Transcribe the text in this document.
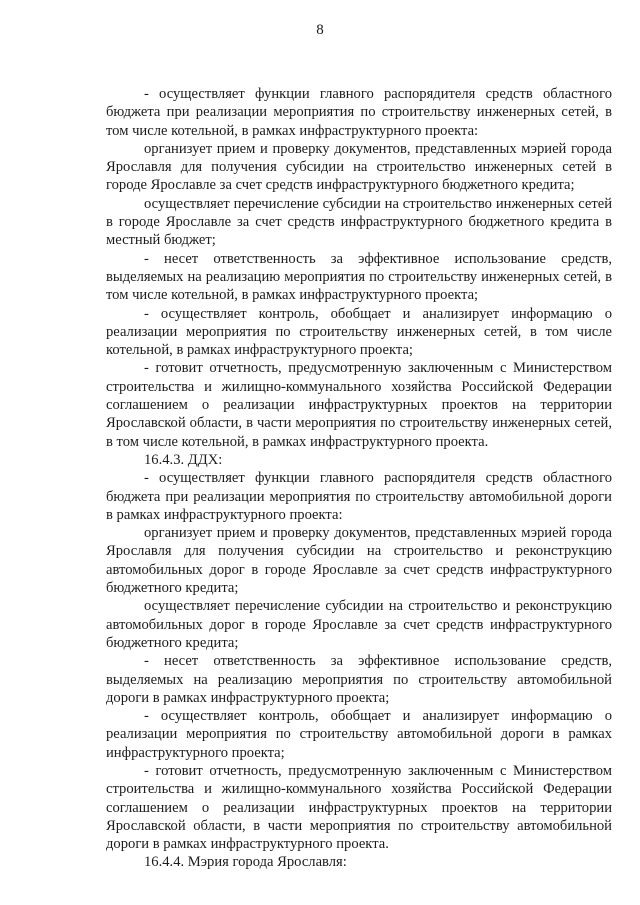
8

- осуществляет функции главного распорядителя средств областного бюджета при реализации мероприятия по строительству инженерных сетей, в том числе котельной, в рамках инфраструктурного проекта:

организует прием и проверку документов, представленных мэрией города Ярославля для получения субсидии на строительство инженерных сетей в городе Ярославле за счет средств инфраструктурного бюджетного кредита;

осуществляет перечисление субсидии на строительство инженерных сетей в городе Ярославле за счет средств инфраструктурного бюджетного кредита в местный бюджет;

- несет ответственность за эффективное использование средств, выделяемых на реализацию мероприятия по строительству инженерных сетей, в том числе котельной, в рамках инфраструктурного проекта;

- осуществляет контроль, обобщает и анализирует информацию о реализации мероприятия по строительству инженерных сетей, в том числе котельной, в рамках инфраструктурного проекта;

- готовит отчетность, предусмотренную заключенным с Министерством строительства и жилищно-коммунального хозяйства Российской Федерации соглашением о реализации инфраструктурных проектов на территории Ярославской области, в части мероприятия по строительству инженерных сетей, в том числе котельной, в рамках инфраструктурного проекта.

16.4.3. ДДХ:

- осуществляет функции главного распорядителя средств областного бюджета при реализации мероприятия по строительству автомобильной дороги в рамках инфраструктурного проекта:

организует прием и проверку документов, представленных мэрией города Ярославля для получения субсидии на строительство и реконструкцию автомобильных дорог в городе Ярославле за счет средств инфраструктурного бюджетного кредита;

осуществляет перечисление субсидии на строительство и реконструкцию автомобильных дорог в городе Ярославле за счет средств инфраструктурного бюджетного кредита;

- несет ответственность за эффективное использование средств, выделяемых на реализацию мероприятия по строительству автомобильной дороги в рамках инфраструктурного проекта;

- осуществляет контроль, обобщает и анализирует информацию о реализации мероприятия по строительству автомобильной дороги в рамках инфраструктурного проекта;

- готовит отчетность, предусмотренную заключенным с Министерством строительства и жилищно-коммунального хозяйства Российской Федерации соглашением о реализации инфраструктурных проектов на территории Ярославской области, в части мероприятия по строительству автомобильной дороги в рамках инфраструктурного проекта.

16.4.4. Мэрия города Ярославля:
